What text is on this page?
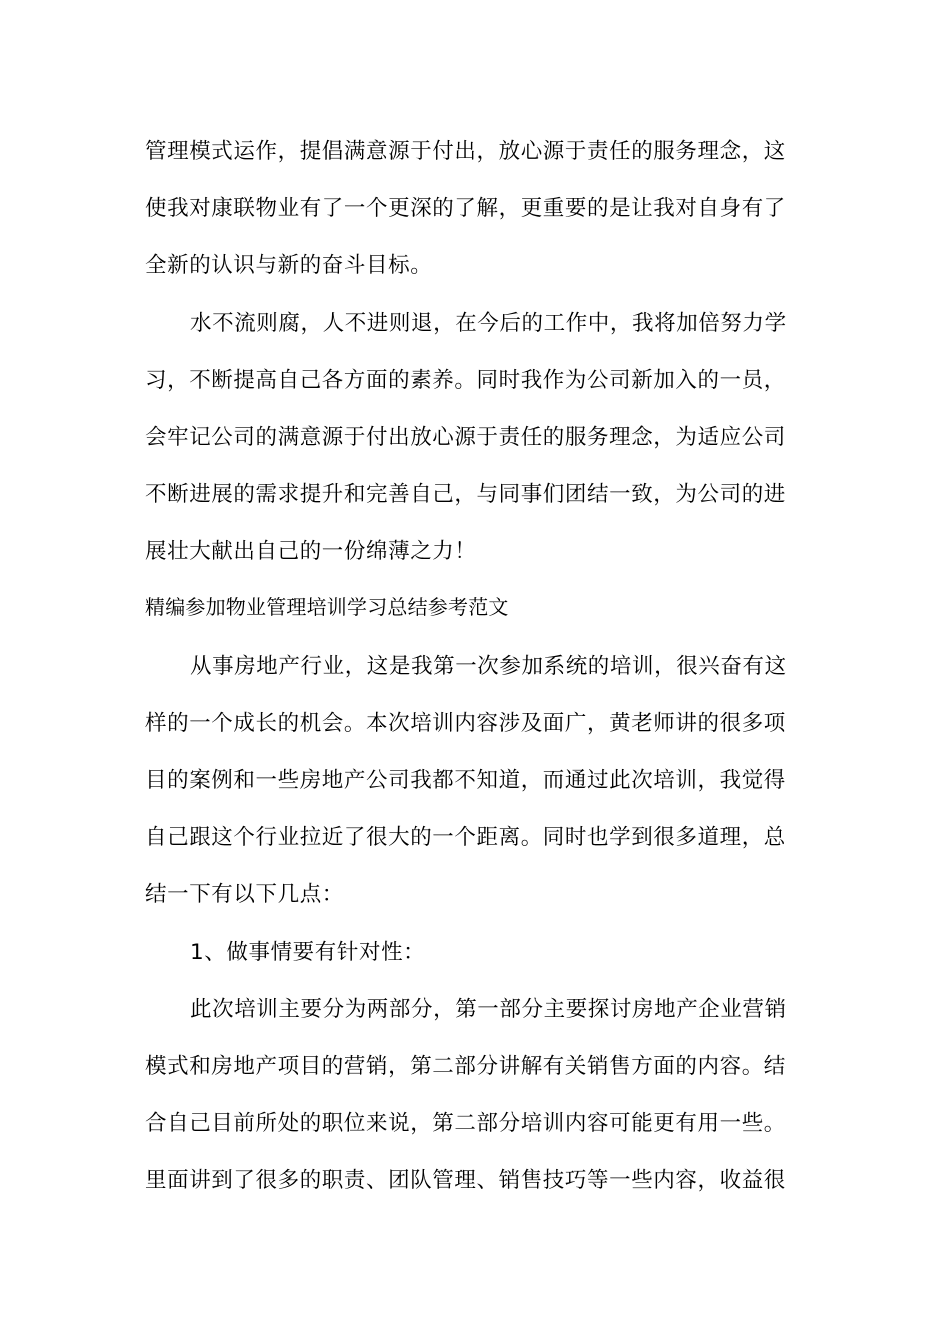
管理模式运作，提倡满意源于付出，放心源于责任的服务理念，这
使我对康联物业有了一个更深的了解，更重要的是让我对自身有了
全新的认识与新的奋斗目标。
水不流则腐，人不进则退，在今后的工作中，我将加倍努力学
习，不断提高自己各方面的素养。同时我作为公司新加入的一员，
会牢记公司的满意源于付出放心源于责任的服务理念，为适应公司
不断进展的需求提升和完善自己，与同事们团结一致，为公司的进
展壮大献出自己的一份绵薄之力！
精编参加物业管理培训学习总结参考范文
从事房地产行业，这是我第一次参加系统的培训，很兴奋有这
样的一个成长的机会。本次培训内容涉及面广，黄老师讲的很多项
目的案例和一些房地产公司我都不知道，而通过此次培训，我觉得
自己跟这个行业拉近了很大的一个距离。同时也学到很多道理，总
结一下有以下几点：
1、做事情要有针对性：
此次培训主要分为两部分，第一部分主要探讨房地产企业营销
模式和房地产项目的营销，第二部分讲解有关销售方面的内容。结
合自己目前所处的职位来说，第二部分培训内容可能更有用一些。
里面讲到了很多的职责、团队管理、销售技巧等一些内容，收益很
